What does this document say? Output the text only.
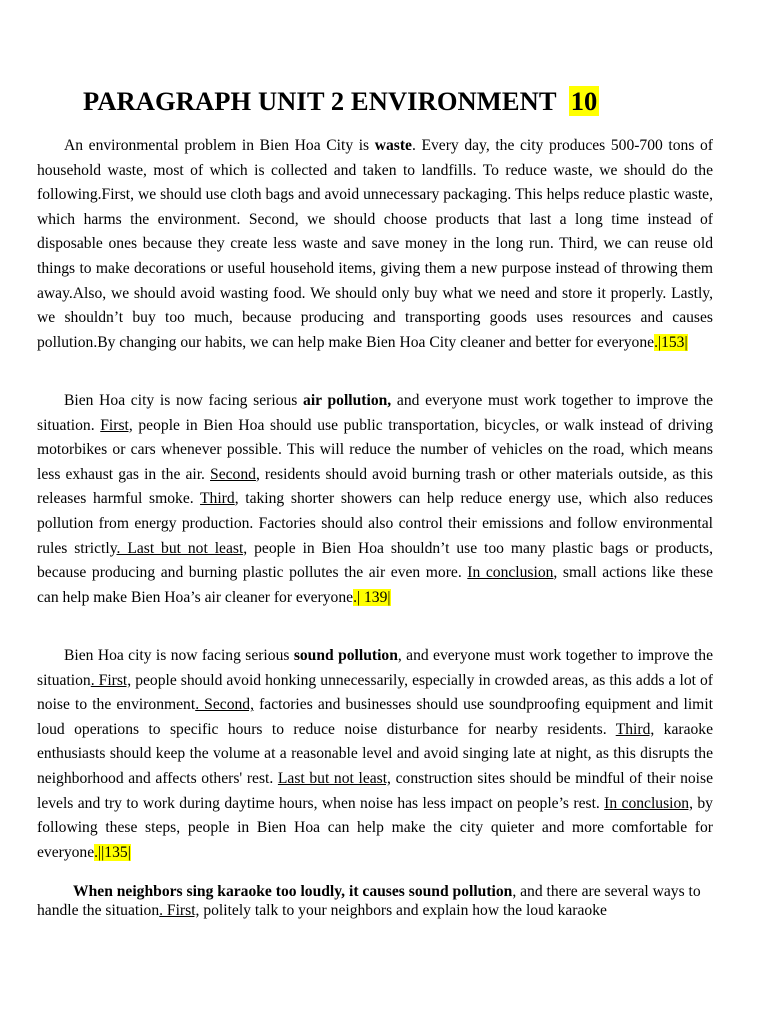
PARAGRAPH UNIT 2 ENVIRONMENT 10

An environmental problem in Bien Hoa City is waste. Every day, the city produces 500-700 tons of household waste, most of which is collected and taken to landfills. To reduce waste, we should do the following.First, we should use cloth bags and avoid unnecessary packaging. This helps reduce plastic waste, which harms the environment. Second, we should choose products that last a long time instead of disposable ones because they create less waste and save money in the long run. Third, we can reuse old things to make decorations or useful household items, giving them a new purpose instead of throwing them away.Also, we should avoid wasting food. We should only buy what we need and store it properly. Lastly, we shouldn’t buy too much, because producing and transporting goods uses resources and causes pollution.By changing our habits, we can help make Bien Hoa City cleaner and better for everyone.|153|

Bien Hoa city is now facing serious air pollution, and everyone must work together to improve the situation. First, people in Bien Hoa should use public transportation, bicycles, or walk instead of driving motorbikes or cars whenever possible. This will reduce the number of vehicles on the road, which means less exhaust gas in the air. Second, residents should avoid burning trash or other materials outside, as this releases harmful smoke. Third, taking shorter showers can help reduce energy use, which also reduces pollution from energy production. Factories should also control their emissions and follow environmental rules strictly. Last but not least, people in Bien Hoa shouldn’t use too many plastic bags or products, because producing and burning plastic pollutes the air even more. In conclusion, small actions like these can help make Bien Hoa’s air cleaner for everyone.| 139|

Bien Hoa city is now facing serious sound pollution, and everyone must work together to improve the situation. First, people should avoid honking unnecessarily, especially in crowded areas, as this adds a lot of noise to the environment. Second, factories and businesses should use soundproofing equipment and limit loud operations to specific hours to reduce noise disturbance for nearby residents. Third, karaoke enthusiasts should keep the volume at a reasonable level and avoid singing late at night, as this disrupts the neighborhood and affects others' rest. Last but not least, construction sites should be mindful of their noise levels and try to work during daytime hours, when noise has less impact on people’s rest. In conclusion, by following these steps, people in Bien Hoa can help make the city quieter and more comfortable for everyone.||135|

When neighbors sing karaoke too loudly, it causes sound pollution, and there are several ways to handle the situation. First, politely talk to your neighbors and explain how the loud karaoke
